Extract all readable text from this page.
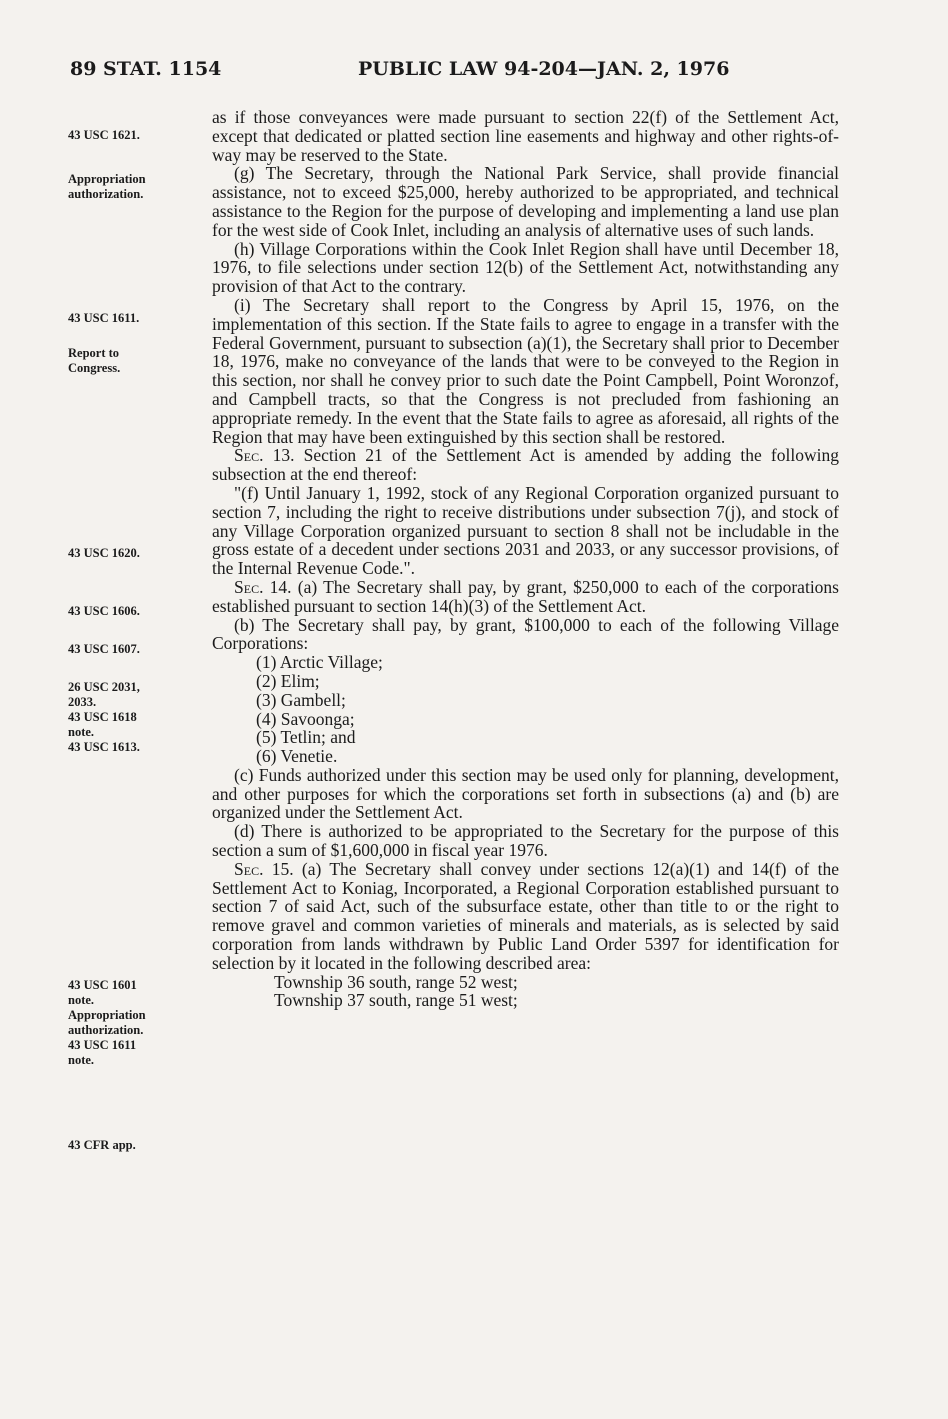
89 STAT. 1154	PUBLIC LAW 94-204—JAN. 2, 1976
43 USC 1621.
Appropriation
authorization.
43 USC 1611.
Report to
Congress.
43 USC 1620.
43 USC 1606.
43 USC 1607.
26 USC 2031,
2033.
43 USC 1618
note.
43 USC 1613.
43 USC 1601
note.
Appropriation
authorization.
43 USC 1611
note.
43 CFR app.

as if those conveyances were made pursuant to section 22(f) of the Settlement Act, except that dedicated or platted section line easements and highway and other rights-of-way may be reserved to the State.

(g) The Secretary, through the National Park Service, shall provide financial assistance, not to exceed $25,000, hereby authorized to be appropriated, and technical assistance to the Region for the purpose of developing and implementing a land use plan for the west side of Cook Inlet, including an analysis of alternative uses of such lands.

(h) Village Corporations within the Cook Inlet Region shall have until December 18, 1976, to file selections under section 12(b) of the Settlement Act, notwithstanding any provision of that Act to the contrary.

(i) The Secretary shall report to the Congress by April 15, 1976, on the implementation of this section. If the State fails to agree to engage in a transfer with the Federal Government, pursuant to subsection (a)(1), the Secretary shall prior to December 18, 1976, make no conveyance of the lands that were to be conveyed to the Region in this section, nor shall he convey prior to such date the Point Campbell, Point Woronzof, and Campbell tracts, so that the Congress is not precluded from fashioning an appropriate remedy. In the event that the State fails to agree as aforesaid, all rights of the Region that may have been extinguished by this section shall be restored.

Sec. 13. Section 21 of the Settlement Act is amended by adding the following subsection at the end thereof:

"(f) Until January 1, 1992, stock of any Regional Corporation organized pursuant to section 7, including the right to receive distributions under subsection 7(j), and stock of any Village Corporation organized pursuant to section 8 shall not be includable in the gross estate of a decedent under sections 2031 and 2033, or any successor provisions, of the Internal Revenue Code.".

Sec. 14. (a) The Secretary shall pay, by grant, $250,000 to each of the corporations established pursuant to section 14(h)(3) of the Settlement Act.

(b) The Secretary shall pay, by grant, $100,000 to each of the following Village Corporations:

(1) Arctic Village;
(2) Elim;
(3) Gambell;
(4) Savoonga;
(5) Tetlin; and
(6) Venetie.

(c) Funds authorized under this section may be used only for planning, development, and other purposes for which the corporations set forth in subsections (a) and (b) are organized under the Settlement Act.

(d) There is authorized to be appropriated to the Secretary for the purpose of this section a sum of $1,600,000 in fiscal year 1976.

Sec. 15. (a) The Secretary shall convey under sections 12(a)(1) and 14(f) of the Settlement Act to Koniag, Incorporated, a Regional Corporation established pursuant to section 7 of said Act, such of the subsurface estate, other than title to or the right to remove gravel and common varieties of minerals and materials, as is selected by said corporation from lands withdrawn by Public Land Order 5397 for identification for selection by it located in the following described area:

Township 36 south, range 52 west;

Township 37 south, range 51 west;
